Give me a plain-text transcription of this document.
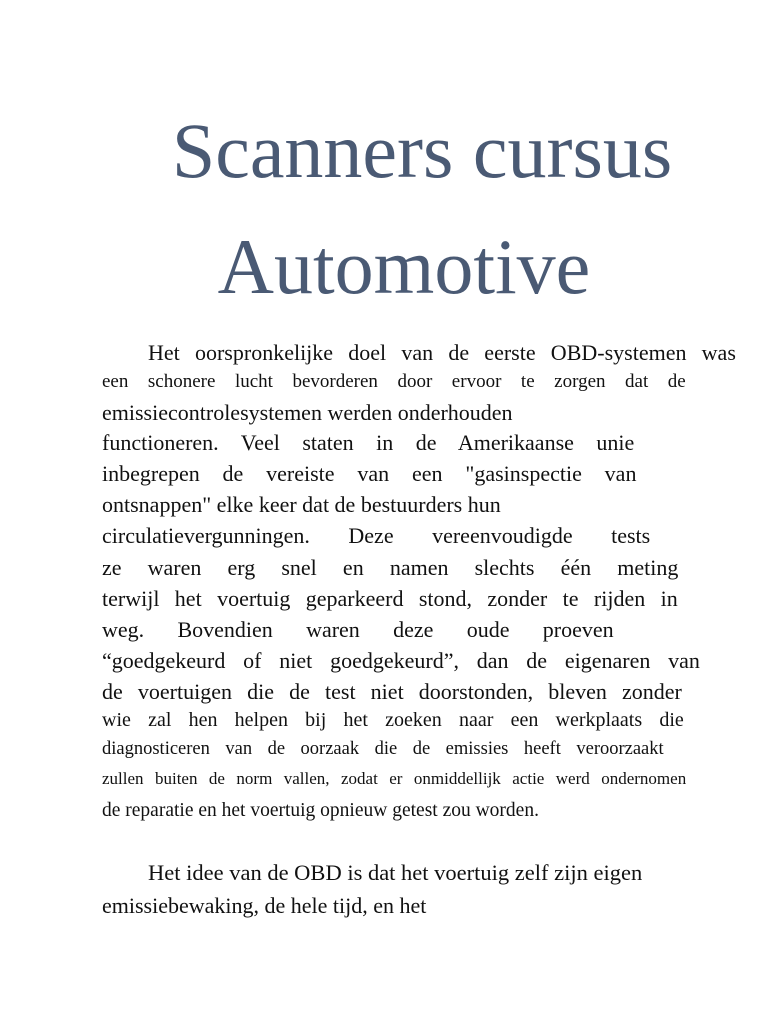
Scanners cursus
Automotive
Het oorspronkelijke doel van de eerste OBD-systemen was
een schonere lucht bevorderen door ervoor te zorgen dat de
emissiecontrolesystemen werden onderhouden
functioneren. Veel staten in de Amerikaanse unie
inbegrepen de vereiste van een "gasinspectie van
ontsnappen" elke keer dat de bestuurders hun
circulatievergunningen. Deze vereenvoudigde tests
ze waren erg snel en namen slechts één meting
terwijl het voertuig geparkeerd stond, zonder te rijden in
weg. Bovendien waren deze oude proeven
“goedgekeurd of niet goedgekeurd”, dan de eigenaren van
de voertuigen die de test niet doorstonden, bleven zonder
wie zal hen helpen bij het zoeken naar een werkplaats die
diagnosticeren van de oorzaak die de emissies heeft veroorzaakt
zullen buiten de norm vallen, zodat er onmiddellijk actie werd ondernomen
de reparatie en het voertuig opnieuw getest zou worden.
Het idee van de OBD is dat het voertuig zelf zijn eigen
emissiebewaking, de hele tijd, en het
